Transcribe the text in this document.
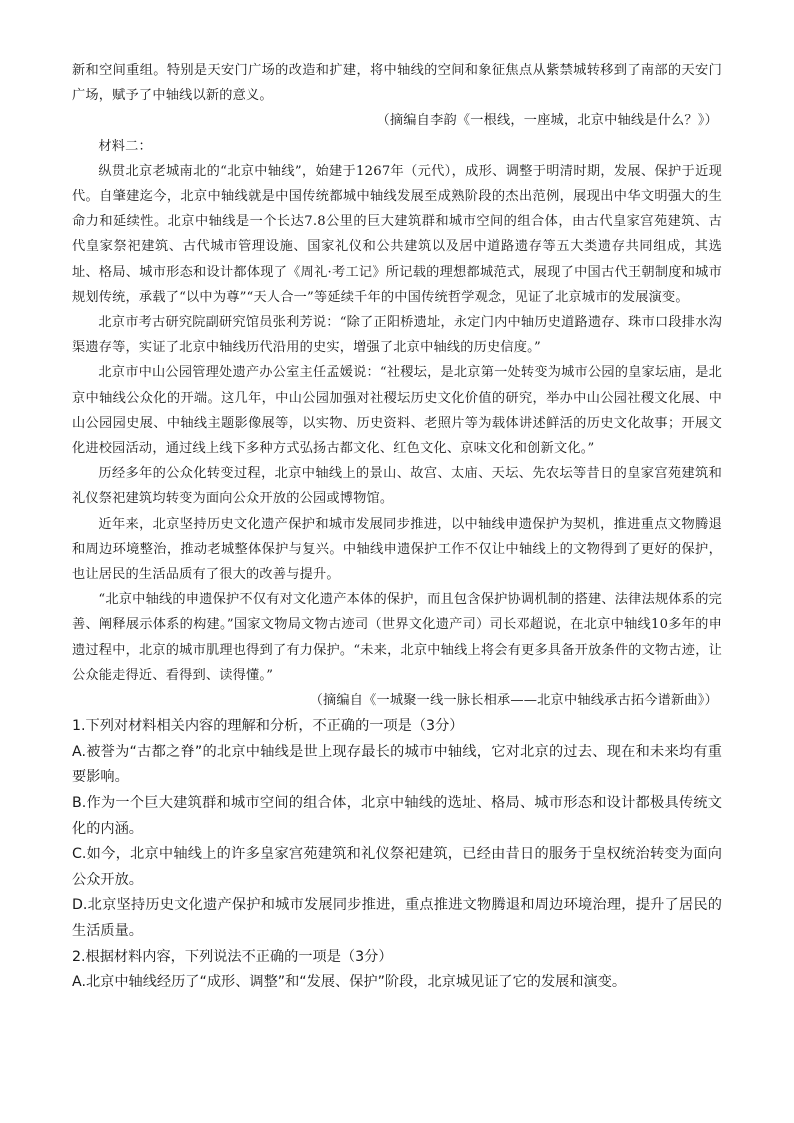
新和空间重组。特别是天安门广场的改造和扩建，将中轴线的空间和象征焦点从紫禁城转移到了南部的天安门广场，赋予了中轴线以新的意义。

（摘编自李韵《一根线，一座城，北京中轴线是什么？》）

材料二：

纵贯北京老城南北的“北京中轴线”，始建于1267年（元代），成形、调整于明清时期，发展、保护于近现代。自肇建迄今，北京中轴线就是中国传统都城中轴线发展至成熟阶段的杰出范例，展现出中华文明强大的生命力和延续性。北京中轴线是一个长达7.8公里的巨大建筑群和城市空间的组合体，由古代皇家宫苑建筑、古代皇家祭祀建筑、古代城市管理设施、国家礼仪和公共建筑以及居中道路遗存等五大类遗存共同组成，其选址、格局、城市形态和设计都体现了《周礼·考工记》所记载的理想都城范式，展现了中国古代王朝制度和城市规划传统，承载了“以中为尊”“天人合一”等延续千年的中国传统哲学观念，见证了北京城市的发展演变。

北京市考古研究院副研究馆员张利芳说：“除了正阳桥遗址，永定门内中轴历史道路遗存、珠市口段排水沟渠遗存等，实证了北京中轴线历代沿用的史实，增强了北京中轴线的历史信度。”

北京市中山公园管理处遗产办公室主任孟媛说：“社稷坛，是北京第一处转变为城市公园的皇家坛庙，是北京中轴线公众化的开端。这几年，中山公园加强对社稷坛历史文化价值的研究，举办中山公园社稷文化展、中山公园园史展、中轴线主题影像展等，以实物、历史资料、老照片等为载体讲述鲜活的历史文化故事；开展文化进校园活动，通过线上线下多种方式弘扬古都文化、红色文化、京味文化和创新文化。”

历经多年的公众化转变过程，北京中轴线上的景山、故宫、太庙、天坛、先农坛等昔日的皇家宫苑建筑和礼仪祭祀建筑均转变为面向公众开放的公园或博物馆。

近年来，北京坚持历史文化遗产保护和城市发展同步推进，以中轴线申遗保护为契机，推进重点文物腾退和周边环境整治，推动老城整体保护与复兴。中轴线申遗保护工作不仅让中轴线上的文物得到了更好的保护，也让居民的生活品质有了很大的改善与提升。

“北京中轴线的申遗保护不仅有对文化遗产本体的保护，而且包含保护协调机制的搭建、法律法规体系的完善、阐释展示体系的构建。”国家文物局文物古迹司（世界文化遗产司）司长邓超说，在北京中轴线10多年的申遗过程中，北京的城市肌理也得到了有力保护。“未来，北京中轴线上将会有更多具备开放条件的文物古迹，让公众能走得近、看得到、读得懂。”

（摘编自《一城聚一线一脉长相承——北京中轴线承古拓今谱新曲》）

1.下列对材料相关内容的理解和分析，不正确的一项是（3分）

A.被誉为“古都之脊”的北京中轴线是世上现存最长的城市中轴线，它对北京的过去、现在和未来均有重要影响。

B.作为一个巨大建筑群和城市空间的组合体，北京中轴线的选址、格局、城市形态和设计都极具传统文化的内涵。

C.如今，北京中轴线上的许多皇家宫苑建筑和礼仪祭祀建筑，已经由昔日的服务于皇权统治转变为面向公众开放。

D.北京坚持历史文化遗产保护和城市发展同步推进，重点推进文物腾退和周边环境治理，提升了居民的生活质量。

2.根据材料内容，下列说法不正确的一项是（3分）

A.北京中轴线经历了“成形、调整”和“发展、保护”阶段，北京城见证了它的发展和演变。
